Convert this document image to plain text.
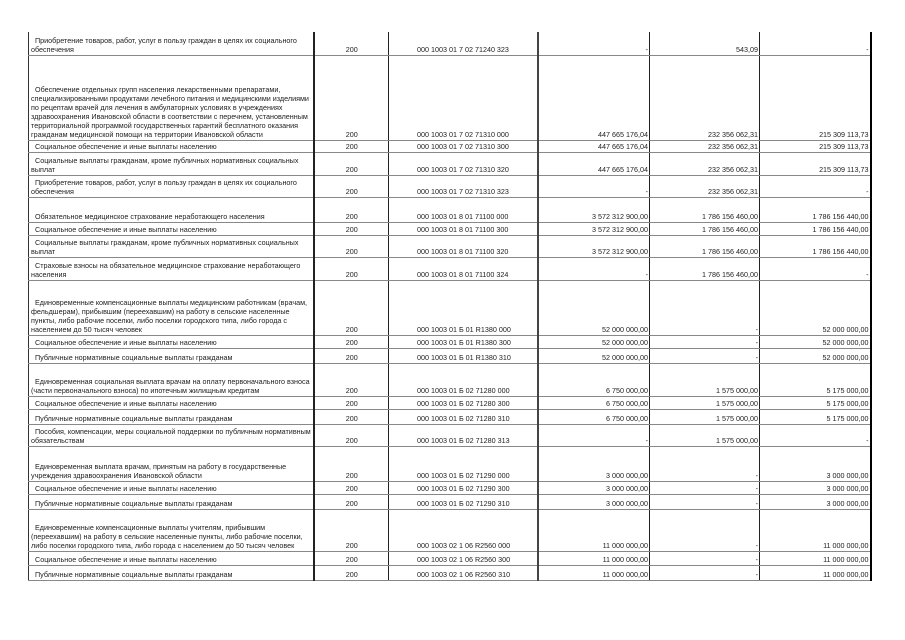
Приобретение товаров, работ, услуг в пользу граждан в целях их социального обеспечения	200	000 1003 01 7 02 71240 323	-	543,09	-
Обеспечение отдельных групп населения лекарственными препаратами, специализированными продуктами лечебного питания и медицинскими изделиями по рецептам врачей для лечения в амбулаторных условиях в учреждениях здравоохранения Ивановской области в соответствии с перечнем, установленным территориальной программой государственных гарантий бесплатного оказания гражданам медицинской помощи на территории Ивановской области	200	000 1003 01 7 02 71310 000	447 665 176,04	232 356 062,31	215 309 113,73
Социальное обеспечение и иные выплаты населению	200	000 1003 01 7 02 71310 300	447 665 176,04	232 356 062,31	215 309 113,73
Социальные выплаты гражданам, кроме публичных нормативных социальных выплат	200	000 1003 01 7 02 71310 320	447 665 176,04	232 356 062,31	215 309 113,73
Приобретение товаров, работ, услуг в пользу граждан в целях их социального обеспечения	200	000 1003 01 7 02 71310 323	-	232 356 062,31	-
Обязательное медицинское страхование неработающего населения	200	000 1003 01 8 01 71100 000	3 572 312 900,00	1 786 156 460,00	1 786 156 440,00
Социальное обеспечение и иные выплаты населению	200	000 1003 01 8 01 71100 300	3 572 312 900,00	1 786 156 460,00	1 786 156 440,00
Социальные выплаты гражданам, кроме публичных нормативных социальных выплат	200	000 1003 01 8 01 71100 320	3 572 312 900,00	1 786 156 460,00	1 786 156 440,00
Страховые взносы на обязательное медицинское страхование неработающего населения	200	000 1003 01 8 01 71100 324	-	1 786 156 460,00	-
Единовременные компенсационные выплаты медицинским работникам (врачам, фельдшерам), прибывшим (переехавшим) на работу в сельские населенные пункты, либо рабочие поселки, либо поселки городского типа, либо города с населением до 50 тысяч человек	200	000 1003 01 Б 01 R1380 000	52 000 000,00	-	52 000 000,00
Социальное обеспечение и иные выплаты населению	200	000 1003 01 Б 01 R1380 300	52 000 000,00	-	52 000 000,00
Публичные нормативные социальные выплаты гражданам	200	000 1003 01 Б 01 R1380 310	52 000 000,00	-	52 000 000,00
Единовременная социальная выплата врачам на оплату первоначального взноса (части первоначального взноса) по ипотечным жилищным кредитам	200	000 1003 01 Б 02 71280 000	6 750 000,00	1 575 000,00	5 175 000,00
Социальное обеспечение и иные выплаты населению	200	000 1003 01 Б 02 71280 300	6 750 000,00	1 575 000,00	5 175 000,00
Публичные нормативные социальные выплаты гражданам	200	000 1003 01 Б 02 71280 310	6 750 000,00	1 575 000,00	5 175 000,00
Пособия, компенсации, меры социальной поддержки по публичным нормативным обязательствам	200	000 1003 01 Б 02 71280 313	-	1 575 000,00	-
Единовременная выплата врачам, принятым на работу в государственные учреждения здравоохранения Ивановской области	200	000 1003 01 Б 02 71290 000	3 000 000,00	-	3 000 000,00
Социальное обеспечение и иные выплаты населению	200	000 1003 01 Б 02 71290 300	3 000 000,00	-	3 000 000,00
Публичные нормативные социальные выплаты гражданам	200	000 1003 01 Б 02 71290 310	3 000 000,00	-	3 000 000,00
Единовременные компенсационные выплаты учителям, прибывшим (переехавшим) на работу в сельские населенные пункты, либо рабочие поселки, либо поселки городского типа, либо города с населением до 50 тысяч человек	200	000 1003 02 1 06 R2560 000	11 000 000,00	-	11 000 000,00
Социальное обеспечение и иные выплаты населению	200	000 1003 02 1 06 R2560 300	11 000 000,00	-	11 000 000,00
Публичные нормативные социальные выплаты гражданам	200	000 1003 02 1 06 R2560 310	11 000 000,00	-	11 000 000,00
